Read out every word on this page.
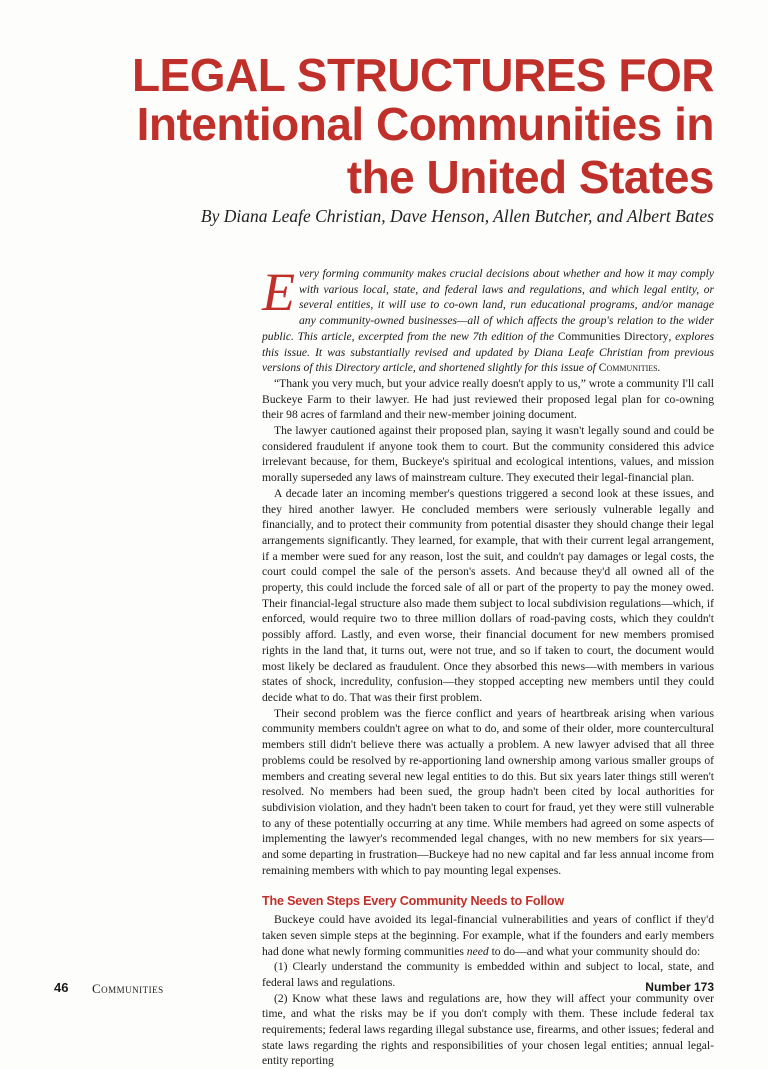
LEGAL STRUCTURES FOR
Intentional Communities in
the United States
By Diana Leafe Christian, Dave Henson, Allen Butcher, and Albert Bates

Every forming community makes crucial decisions about whether and how it may comply with various local, state, and federal laws and regulations, and which legal entity, or several entities, it will use to co-own land, run educational programs, and/or manage any community-owned businesses—all of which affects the group's relation to the wider public. This article, excerpted from the new 7th edition of the Communities Directory, explores this issue. It was substantially revised and updated by Diana Leafe Christian from previous versions of this Directory article, and shortened slightly for this issue of Communities.

“Thank you very much, but your advice really doesn't apply to us,” wrote a community I'll call Buckeye Farm to their lawyer. He had just reviewed their proposed legal plan for co-owning their 98 acres of farmland and their new-member joining document.

The lawyer cautioned against their proposed plan, saying it wasn't legally sound and could be considered fraudulent if anyone took them to court. But the community considered this advice irrelevant because, for them, Buckeye's spiritual and ecological intentions, values, and mission morally superseded any laws of mainstream culture. They executed their legal-financial plan.

A decade later an incoming member's questions triggered a second look at these issues, and they hired another lawyer. He concluded members were seriously vulnerable legally and financially, and to protect their community from potential disaster they should change their legal arrangements significantly. They learned, for example, that with their current legal arrangement, if a member were sued for any reason, lost the suit, and couldn't pay damages or legal costs, the court could compel the sale of the person's assets. And because they'd all owned all of the property, this could include the forced sale of all or part of the property to pay the money owed. Their financial-legal structure also made them subject to local subdivision regulations—which, if enforced, would require two to three million dollars of road-paving costs, which they couldn't possibly afford. Lastly, and even worse, their financial document for new members promised rights in the land that, it turns out, were not true, and so if taken to court, the document would most likely be declared as fraudulent. Once they absorbed this news—with members in various states of shock, incredulity, confusion—they stopped accepting new members until they could decide what to do. That was their first problem.

Their second problem was the fierce conflict and years of heartbreak arising when various community members couldn't agree on what to do, and some of their older, more countercultural members still didn't believe there was actually a problem. A new lawyer advised that all three problems could be resolved by re-apportioning land ownership among various smaller groups of members and creating several new legal entities to do this. But six years later things still weren't resolved. No members had been sued, the group hadn't been cited by local authorities for subdivision violation, and they hadn't been taken to court for fraud, yet they were still vulnerable to any of these potentially occurring at any time. While members had agreed on some aspects of implementing the lawyer's recommended legal changes, with no new members for six years—and some departing in frustration—Buckeye had no new capital and far less annual income from remaining members with which to pay mounting legal expenses.

The Seven Steps Every Community Needs to Follow

Buckeye could have avoided its legal-financial vulnerabilities and years of conflict if they'd taken seven simple steps at the beginning. For example, what if the founders and early members had done what newly forming communities need to do—and what your community should do:

(1) Clearly understand the community is embedded within and subject to local, state, and federal laws and regulations.

(2) Know what these laws and regulations are, how they will affect your community over time, and what the risks may be if you don't comply with them. These include federal tax requirements; federal laws regarding illegal substance use, firearms, and other issues; federal and state laws regarding the rights and responsibilities of your chosen legal entities; annual legal-entity reporting

46 Communities	Number 173
